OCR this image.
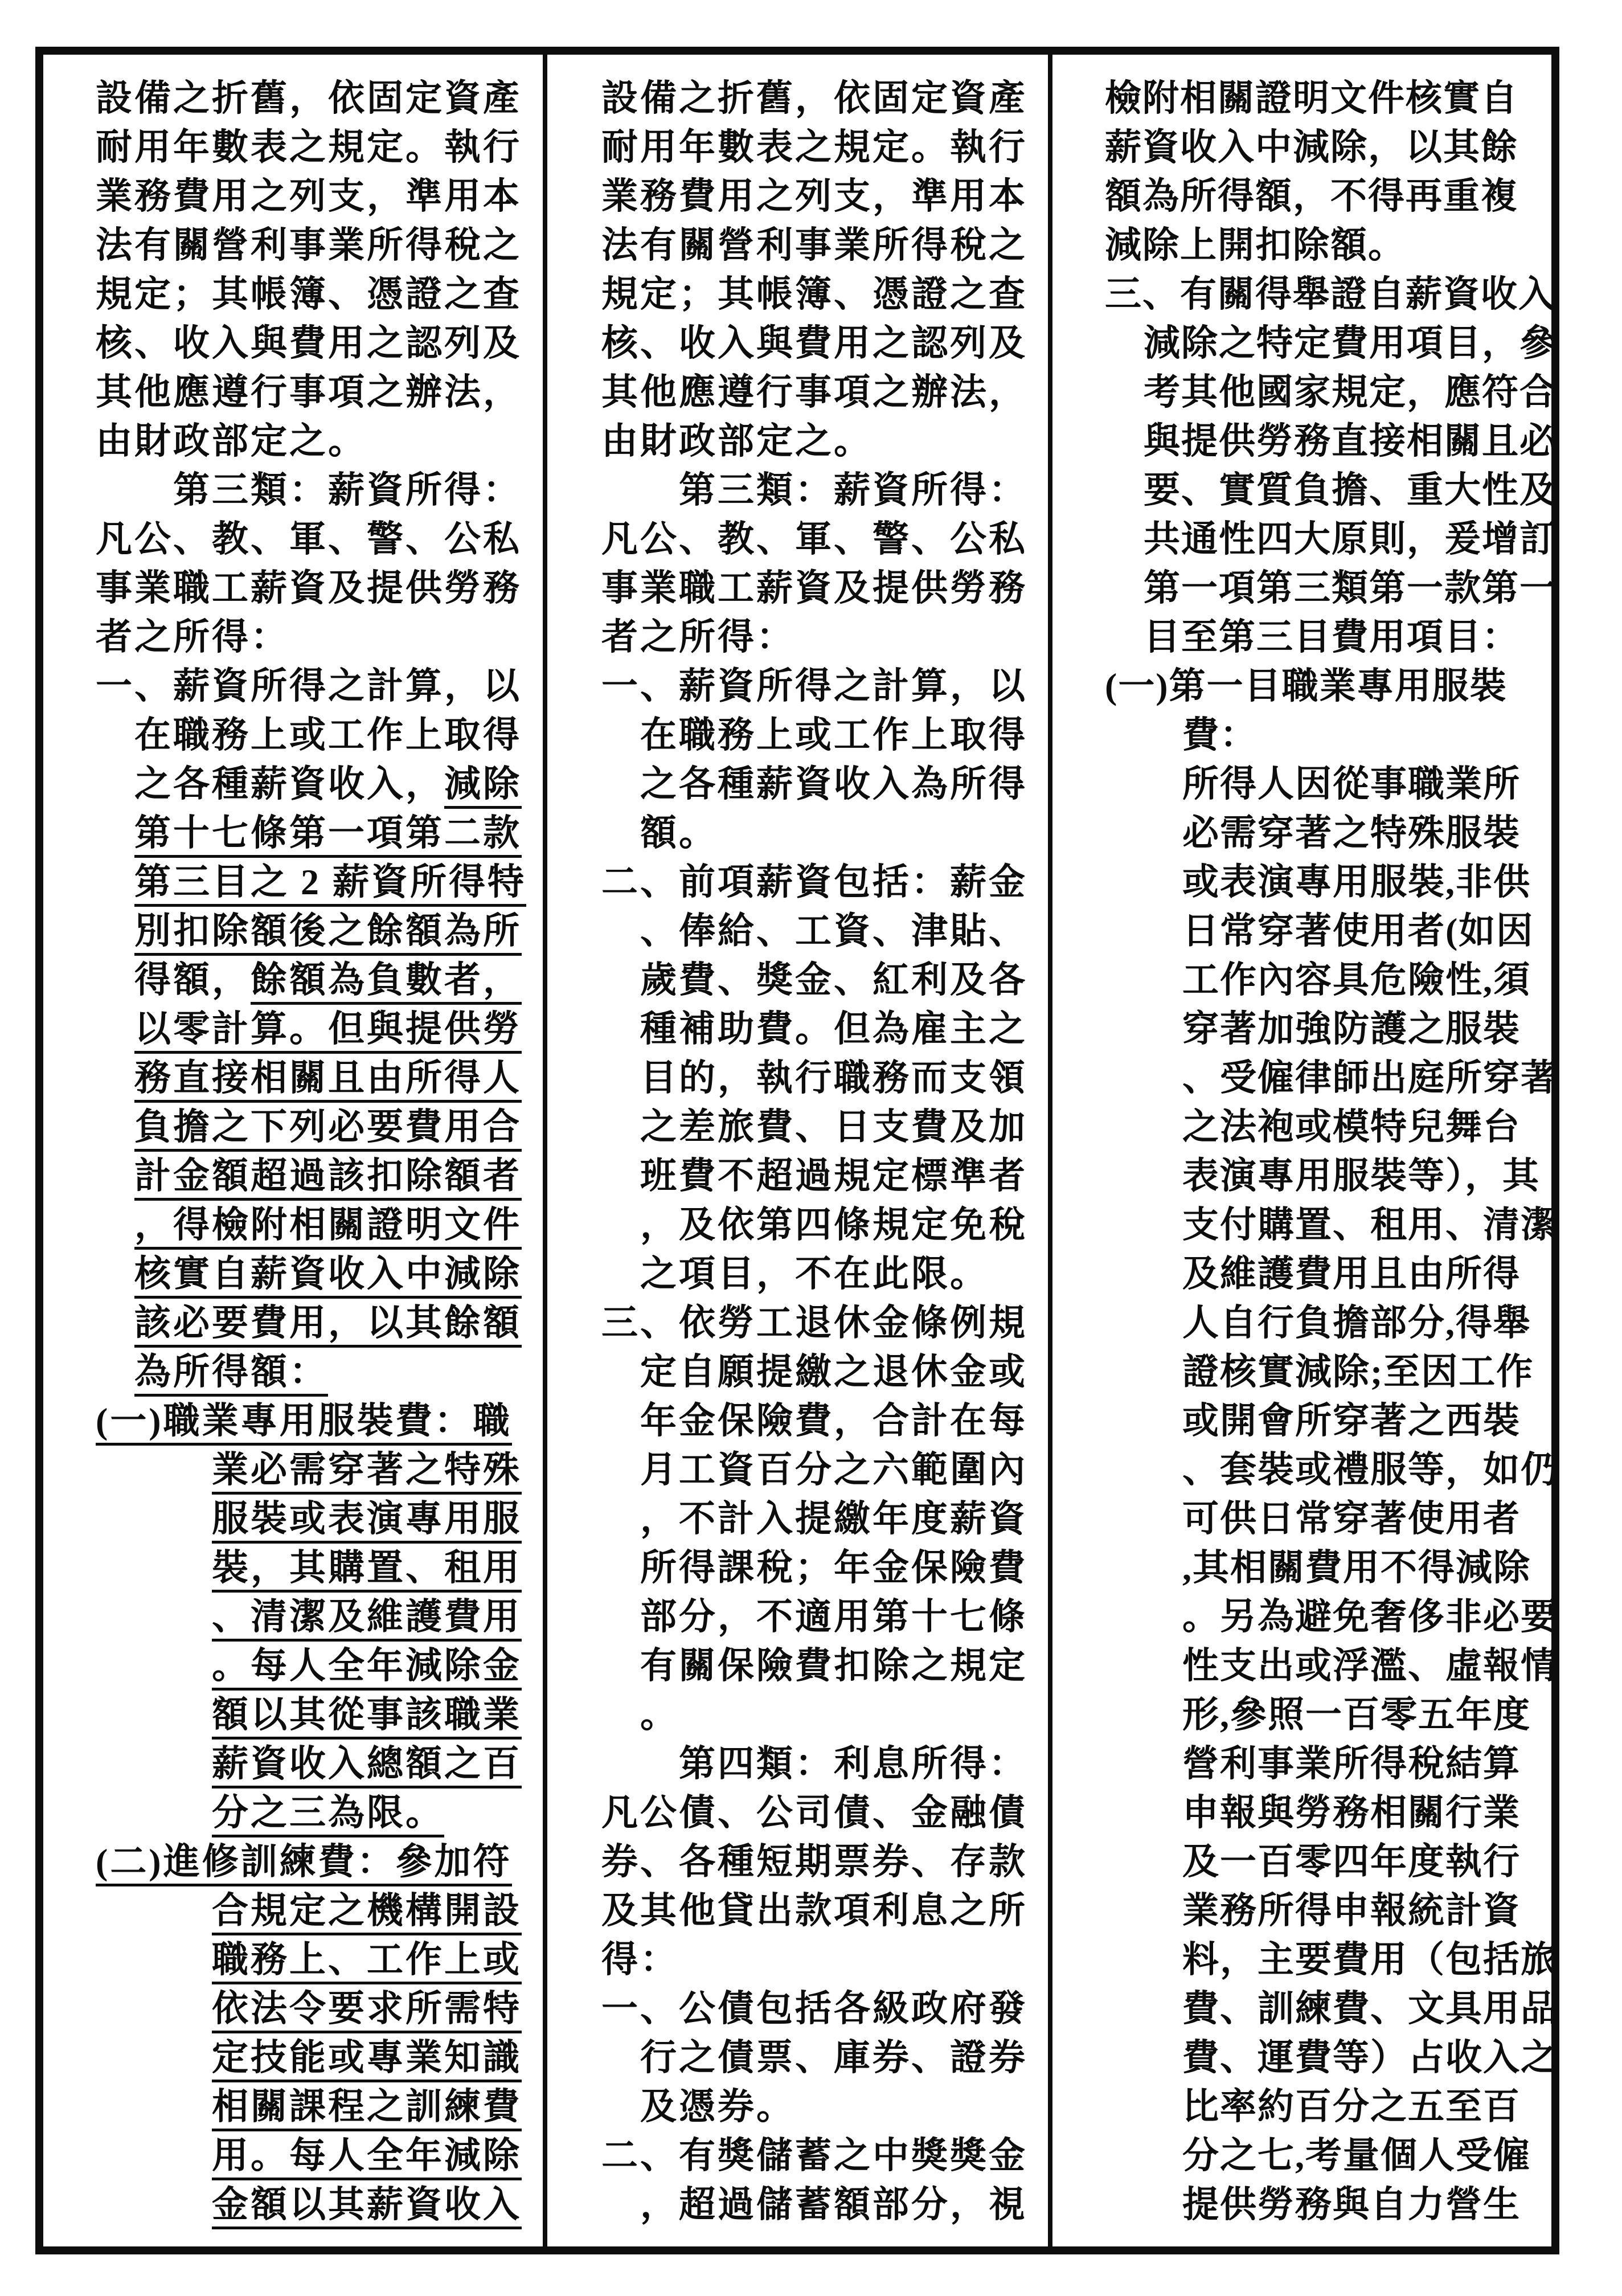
設備之折舊，依固定資產
耐用年數表之規定。執行
業務費用之列支，準用本
法有關營利事業所得稅之
規定；其帳簿、憑證之查
核、收入與費用之認列及
其他應遵行事項之辦法，
由財政部定之。
第三類：薪資所得：
凡公、教、軍、警、公私
事業職工薪資及提供勞務
者之所得：
一、薪資所得之計算，以
在職務上或工作上取得
之各種薪資收入，減除
第十七條第一項第二款
第三目之 2 薪資所得特
別扣除額後之餘額為所
得額，餘額為負數者，
以零計算。但與提供勞
務直接相關且由所得人
負擔之下列必要費用合
計金額超過該扣除額者
，得檢附相關證明文件
核實自薪資收入中減除
該必要費用，以其餘額
為所得額：
(一)職業專用服裝費：職
業必需穿著之特殊
服裝或表演專用服
裝，其購置、租用
、清潔及維護費用
。每人全年減除金
額以其從事該職業
薪資收入總額之百
分之三為限。
(二)進修訓練費：參加符
合規定之機構開設
職務上、工作上或
依法令要求所需特
定技能或專業知識
相關課程之訓練費
用。每人全年減除
金額以其薪資收入
設備之折舊，依固定資產
耐用年數表之規定。執行
業務費用之列支，準用本
法有關營利事業所得稅之
規定；其帳簿、憑證之查
核、收入與費用之認列及
其他應遵行事項之辦法，
由財政部定之。
第三類：薪資所得：
凡公、教、軍、警、公私
事業職工薪資及提供勞務
者之所得：
一、薪資所得之計算，以
在職務上或工作上取得
之各種薪資收入為所得
額。
二、前項薪資包括：薪金
、俸給、工資、津貼、
歲費、獎金、紅利及各
種補助費。但為雇主之
目的，執行職務而支領
之差旅費、日支費及加
班費不超過規定標準者
，及依第四條規定免稅
之項目，不在此限。
三、依勞工退休金條例規
定自願提繳之退休金或
年金保險費，合計在每
月工資百分之六範圍內
，不計入提繳年度薪資
所得課稅；年金保險費
部分，不適用第十七條
有關保險費扣除之規定
。
第四類：利息所得：
凡公債、公司債、金融債
券、各種短期票券、存款
及其他貸出款項利息之所
得：
一、公債包括各級政府發
行之債票、庫券、證券
及憑券。
二、有獎儲蓄之中獎獎金
，超過儲蓄額部分，視
檢附相關證明文件核實自
薪資收入中減除，以其餘
額為所得額，不得再重複
減除上開扣除額。
三、有關得舉證自薪資收入
減除之特定費用項目，參
考其他國家規定，應符合
與提供勞務直接相關且必
要、實質負擔、重大性及
共通性四大原則，爰增訂
第一項第三類第一款第一
目至第三目費用項目：
(一)第一目職業專用服裝
費：
所得人因從事職業所
必需穿著之特殊服裝
或表演專用服裝,非供
日常穿著使用者(如因
工作內容具危險性,須
穿著加強防護之服裝
、受僱律師出庭所穿著
之法袍或模特兒舞台
表演專用服裝等），其
支付購置、租用、清潔
及維護費用且由所得
人自行負擔部分,得舉
證核實減除;至因工作
或開會所穿著之西裝
、套裝或禮服等，如仍
可供日常穿著使用者
,其相關費用不得減除
。另為避免奢侈非必要
性支出或浮濫、虛報情
形,參照一百零五年度
營利事業所得稅結算
申報與勞務相關行業
及一百零四年度執行
業務所得申報統計資
料，主要費用（包括旅
費、訓練費、文具用品
費、運費等）占收入之
比率約百分之五至百
分之七,考量個人受僱
提供勞務與自力營生
